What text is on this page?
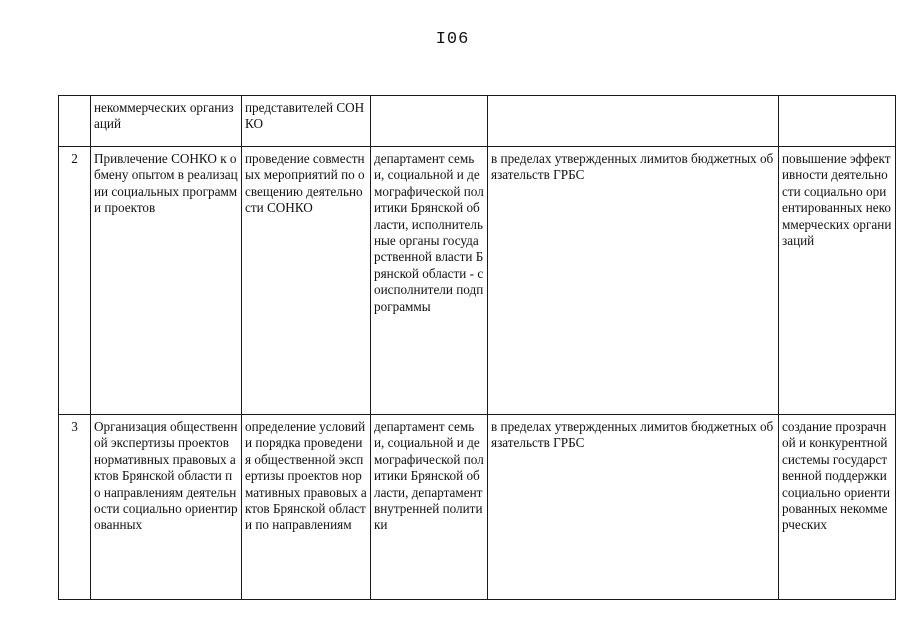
I06
	некоммерческих организаций	представителей СОНКО			
2	Привлечение СОНКО к обмену опытом в реализации социальных программ и проектов	проведение совместных мероприятий по освещению деятельности СОНКО	департамент семьи, социальной и демографической политики Брянской области, исполнительные органы государственной власти Брянской области - соисполнители подпрограммы	в пределах утвержденных лимитов бюджетных обязательств ГРБС	повышение эффективности деятельности социально ориентированных некоммерческих организаций
3	Организация общественной экспертизы проектов нормативных правовых актов Брянской области по направлениям деятельности социально ориентированных	определение условий и порядка проведения общественной экспертизы проектов нормативных правовых актов Брянской области по направлениям	департамент семьи, социальной и демографической политики Брянской области, департамент внутренней политики	в пределах утвержденных лимитов бюджетных обязательств ГРБС	создание прозрачной и конкурентной системы государственной поддержки социально ориентированных некоммерческих
